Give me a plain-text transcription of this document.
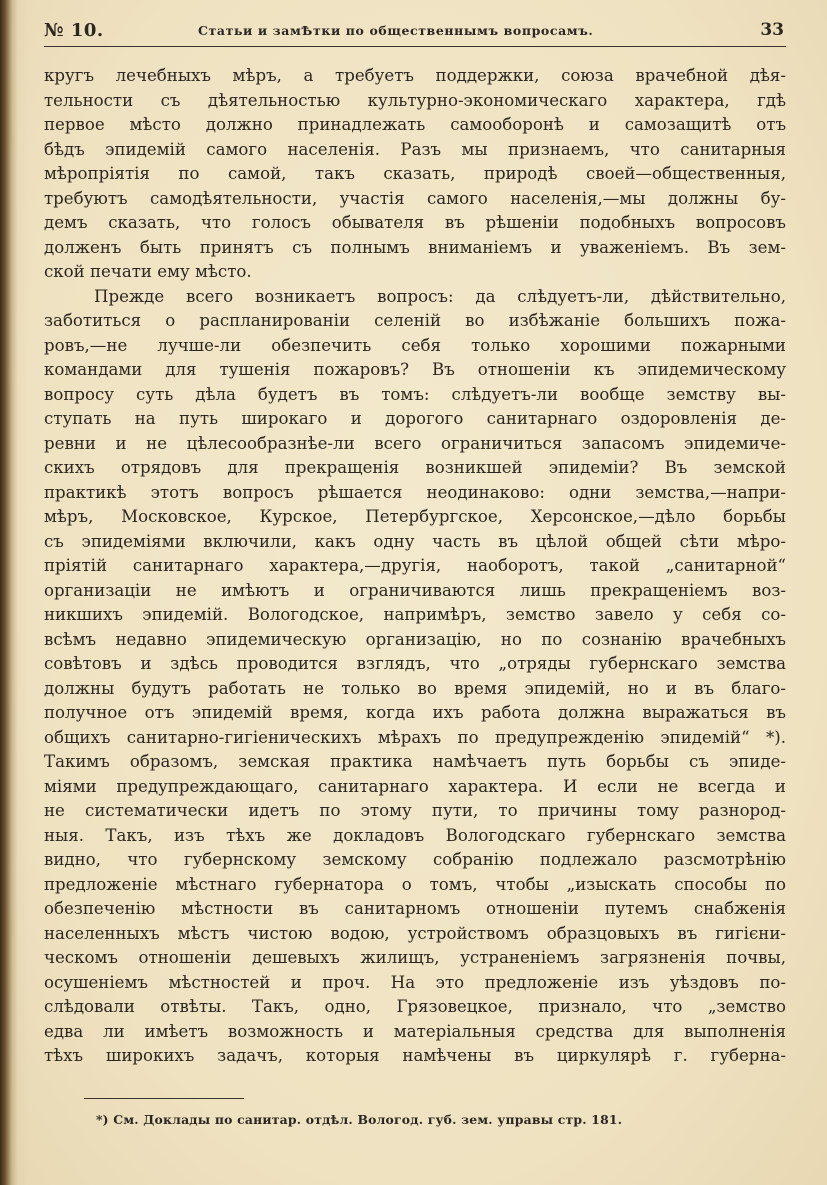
№ 10.	Статьи и замѢтки по общественнымъ вопросамъ.	33
кругъ лечебныхъ мѣръ, а требуетъ поддержки, союза врачебной дѣя-
тельности съ дѣятельностью культурно-экономическаго характера, гдѣ
первое мѣсто должно принадлежать самооборонѣ и самозащитѣ отъ
бѣдъ эпидемій самого населенія. Разъ мы признаемъ, что санитарныя
мѣропріятія по самой, такъ сказать, природѣ своей—общественныя,
требуютъ самодѣятельности, участія самого населенія,—мы должны бу-
демъ сказать, что голосъ обывателя въ рѣшеніи подобныхъ вопросовъ
долженъ быть принятъ съ полнымъ вниманіемъ и уваженіемъ. Въ зем-
ской печати ему мѣсто.
Прежде всего возникаетъ вопросъ: да слѣдуетъ-ли, дѣйствительно,
заботиться о распланированіи селеній во избѣжаніе большихъ пожа-
ровъ,—не лучше-ли обезпечить себя только хорошими пожарными
командами для тушенія пожаровъ? Въ отношеніи къ эпидемическому
вопросу суть дѣла будетъ въ томъ: слѣдуетъ-ли вообще земству вы-
ступать на путь широкаго и дорогого санитарнаго оздоровленія де-
ревни и не цѣлесообразнѣе-ли всего ограничиться запасомъ эпидемиче-
скихъ отрядовъ для прекращенія возникшей эпидеміи? Въ земской
практикѣ этотъ вопросъ рѣшается неодинаково: одни земства,—напри-
мѣръ, Московское, Курское, Петербургское, Херсонское,—дѣло борьбы
съ эпидеміями включили, какъ одну часть въ цѣлой общей сѣти мѣро-
пріятій санитарнаго характера,—другія, наоборотъ, такой „санитарной“
организаціи не имѣютъ и ограничиваются лишь прекращеніемъ воз-
никшихъ эпидемій. Вологодское, напримѣръ, земство завело у себя со-
всѣмъ недавно эпидемическую организацію, но по сознанію врачебныхъ
совѣтовъ и здѣсь проводится взглядъ, что „отряды губернскаго земства
должны будутъ работать не только во время эпидемій, но и въ благо-
получное отъ эпидемій время, когда ихъ работа должна выражаться въ
общихъ санитарно-гигіеническихъ мѣрахъ по предупрежденію эпидемій“ *).
Такимъ образомъ, земская практика намѣчаетъ путь борьбы съ эпиде-
міями предупреждающаго, санитарнаго характера. И если не всегда и
не систематически идетъ по этому пути, то причины тому разнород-
ныя. Такъ, изъ тѣхъ же докладовъ Вологодскаго губернскаго земства
видно, что губернскому земскому собранію подлежало разсмотрѣнію
предложеніе мѣстнаго губернатора о томъ, чтобы „изыскать способы по
обезпеченію мѣстности въ санитарномъ отношеніи путемъ снабженія
населенныхъ мѣстъ чистою водою, устройствомъ образцовыхъ въ гигієни-
ческомъ отношеніи дешевыхъ жилищъ, устраненіемъ загрязненія почвы,
осушеніемъ мѣстностей и проч. На это предложеніе изъ уѣздовъ по-
слѣдовали отвѣты. Такъ, одно, Грязовецкое, признало, что „земство
едва ли имѣетъ возможность и матеріальныя средства для выполненія
тѣхъ широкихъ задачъ, которыя намѣчены въ циркулярѣ г. губерна-
*) См. Доклады по санитар. отдѣл. Вологод. губ. зем. управы стр. 181.
